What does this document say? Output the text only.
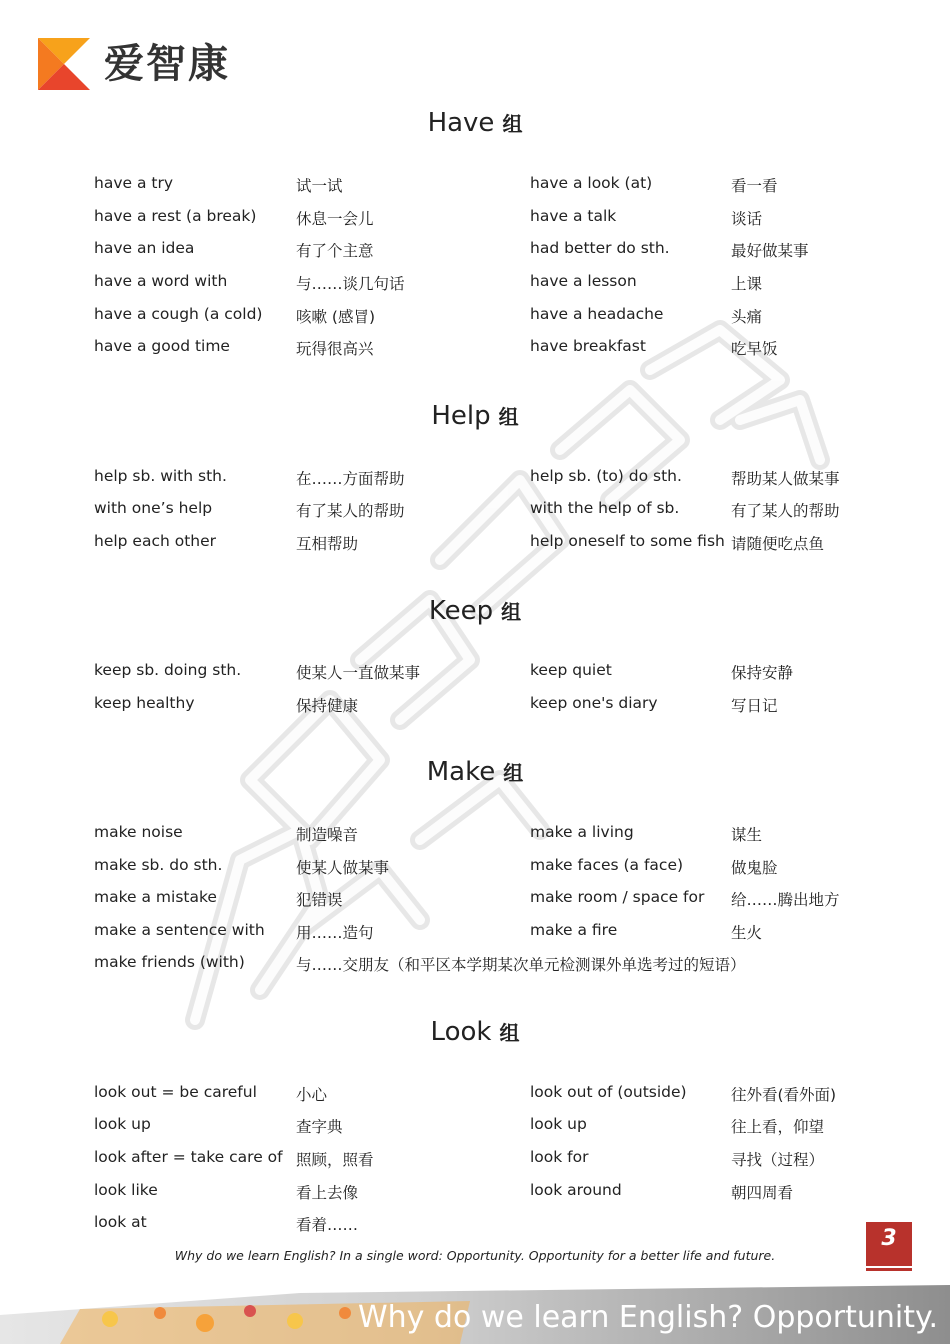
爱智康
Have 组
have a try	试一试	have a look (at)	看一看
have a rest (a break)	休息一会儿	have a talk	谈话
have an idea	有了个主意	had better do sth.	最好做某事
have a word with	与……谈几句话	have a lesson	上课
have a cough (a cold) 咳嗽 (感冒)	have a headache	头痛
have a good time	玩得很高兴	have breakfast	吃早饭
Help 组
help sb. with sth.	在……方面帮助	help sb. (to) do sth.	帮助某人做某事
with one’s help	有了某人的帮助	with the help of sb.	有了某人的帮助
help each other	互相帮助	help oneself to some fish 请随便吃点鱼
Keep 组
keep sb. doing sth.	使某人一直做某事	keep quiet	保持安静
keep healthy	保持健康	keep one's diary	写日记
Make 组
make noise	制造噪音	make a living	谋生
make sb. do sth.	使某人做某事	make faces (a face)	做鬼脸
make a mistake	犯错误	make room / space for 给……腾出地方
make a sentence with 用……造句	make a fire	生火
make friends (with)	与……交朋友（和平区本学期某次单元检测课外单选考过的短语）
Look 组
look out = be careful	小心	look out of (outside)	往外看(看外面)
look up	查字典	look up	往上看，仰望
look after = take care of 照顾，照看	look for	寻找（过程）
look like	看上去像	look around	朝四周看
look at	看着……
3
Why do we learn English? In a single word: Opportunity. Opportunity for a better life and future.
Why do we learn English? Opportunity.
